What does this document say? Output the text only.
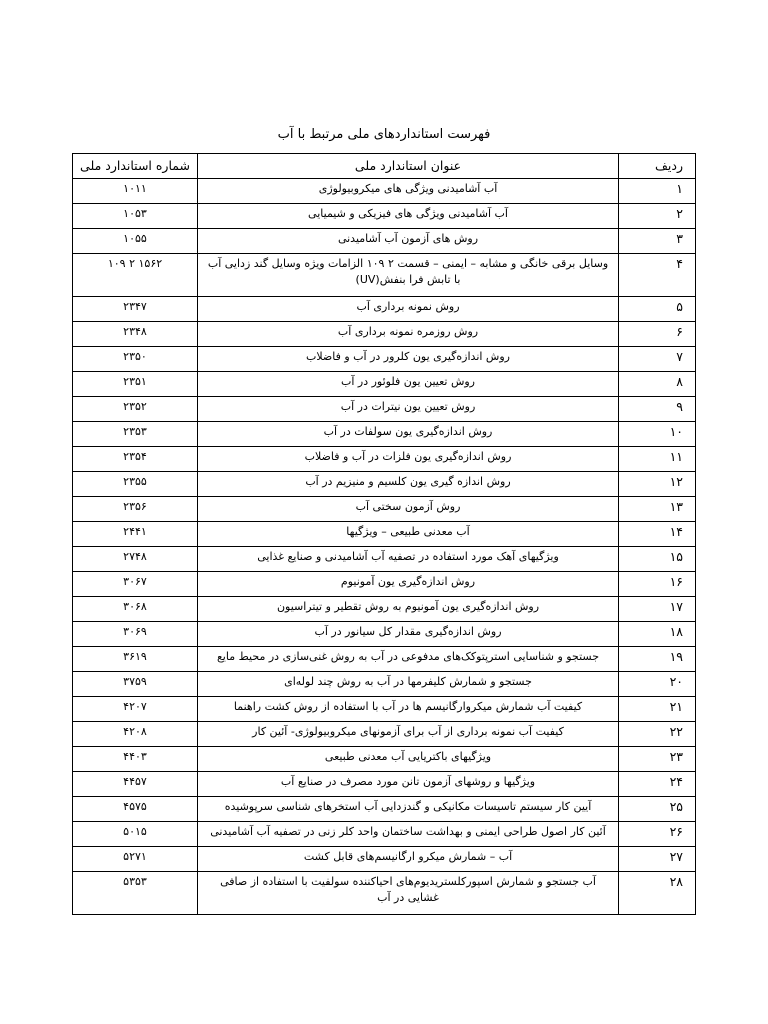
فهرست استانداردهای ملی مرتبط با آب
ردیف	عنوان استاندارد ملی	شماره استاندارد ملی
۱	آب آشامیدنی ویژگی های میکروبیولوژی	۱۰۱۱
۲	آب آشامیدنی ویژگی های فیزیکی و شیمیایی	۱۰۵۳
۳	روش های آزمون آب آشامیدنی	۱۰۵۵
۴	وسایل برقی خانگی و مشابه – ایمنی – قسمت ۲ ۱۰۹ الزامات ویژه وسایل گند زدایی آب با تابش فرا بنفش(UV)	۱۵۶۲ ۲ ۱۰۹
۵	روش نمونه برداری آب	۲۳۴۷
۶	روش روزمره نمونه برداری آب	۲۳۴۸
۷	روش اندازه‌گیری یون کلرور در آب و فاضلاب	۲۳۵۰
۸	روش تعیین یون فلوئور در آب	۲۳۵۱
۹	روش تعیین یون نیترات در آب	۲۳۵۲
۱۰	روش اندازه‌گیری یون سولفات در آب	۲۳۵۳
۱۱	روش اندازه‌گیری یون فلزات در آب و فاضلاب	۲۳۵۴
۱۲	روش اندازه گیری یون کلسیم و منیزیم در آب	۲۳۵۵
۱۳	روش آزمون سختی آب	۲۳۵۶
۱۴	آب معدنی طبیعی – ویژگیها	۲۴۴۱
۱۵	ویژگیهای آهک مورد استفاده در تصفیه آب آشامیدنی و صنایع غذایی	۲۷۴۸
۱۶	روش اندازه‌گیری یون آمونیوم	۳۰۶۷
۱۷	روش اندازه‌گیری یون آمونیوم به روش تقطیر و تیتراسیون	۳۰۶۸
۱۸	روش اندازه‌گیری مقدار کل سیانور در آب	۳۰۶۹
۱۹	جستجو و شناسایی استرپتوکک‌های مدفوعی در آب به روش غنی‌سازی در محیط مایع	۳۶۱۹
۲۰	جستجو و شمارش کلیفرمها در آب به روش چند لوله‌ای	۳۷۵۹
۲۱	کیفیت آب شمارش میکروارگانیسم ها در آب با استفاده از روش کشت راهنما	۴۲۰۷
۲۲	کیفیت آب نمونه برداری از آب برای آزمونهای میکروبیولوژی- آئین کار	۴۲۰۸
۲۳	ویژگیهای باکتریایی آب معدنی طبیعی	۴۴۰۳
۲۴	ویژگیها و روشهای آزمون تانن مورد مصرف در صنایع آب	۴۴۵۷
۲۵	آیین کار سیستم تاسیسات مکانیکی و گندزدایی آب استخرهای شناسی سرپوشیده	۴۵۷۵
۲۶	آئین کار اصول طراحی ایمنی و بهداشت ساختمان واحد کلر زنی در تصفیه آب آشامیدنی	۵۰۱۵
۲۷	آب – شمارش میکرو ارگانیسم‌های قابل کشت	۵۲۷۱
۲۸	آب جستجو و شمارش اسپورکلستریدیوم‌های احیاکننده سولفیت با استفاده از صافی غشایی در آب	۵۳۵۳
